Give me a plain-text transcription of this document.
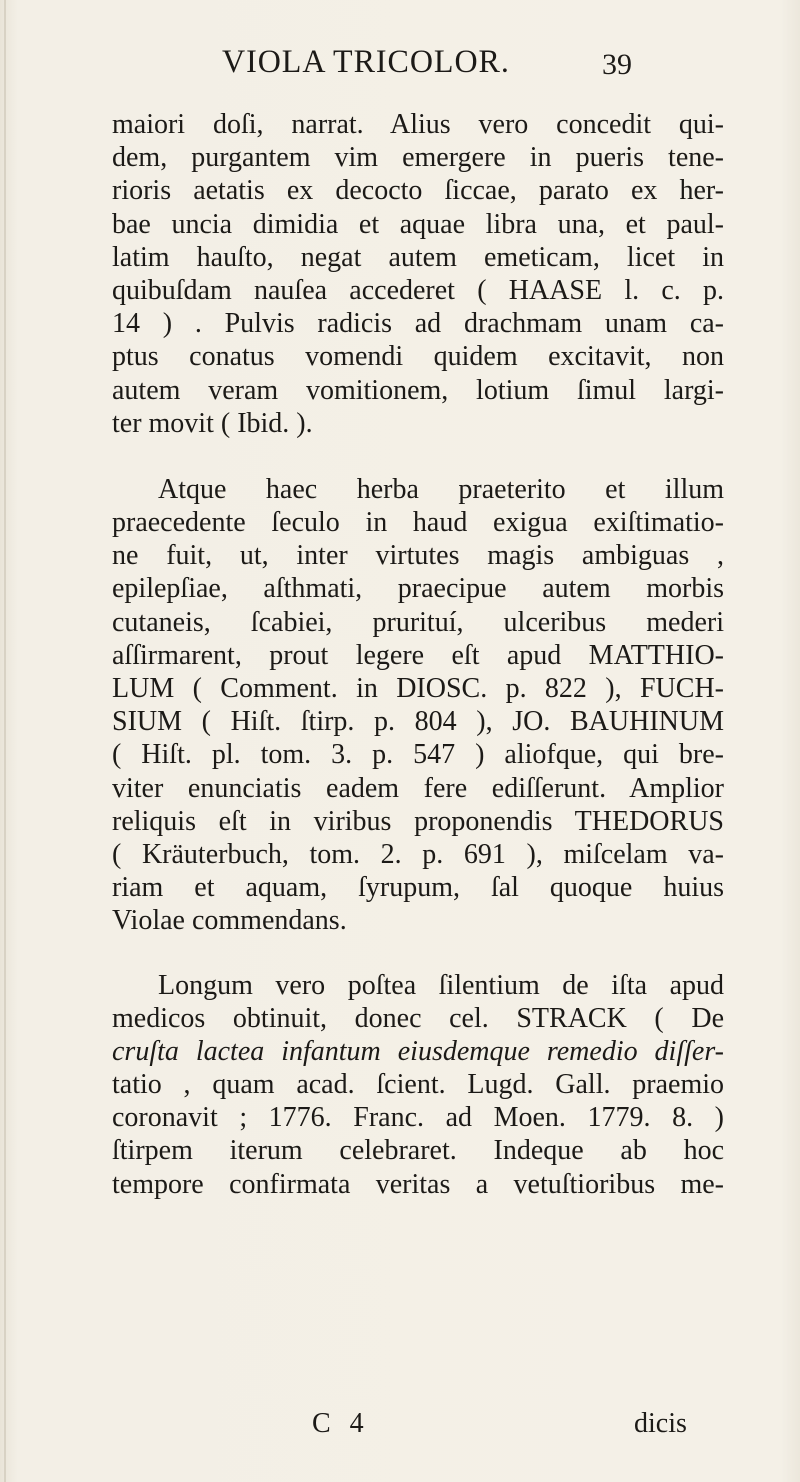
VIOLA TRICOLOR.	39
maiori doſi, narrat. Alius vero concedit qui-
dem, purgantem vim emergere in pueris tene-
rioris aetatis ex decocto ſiccae, parato ex her-
bae uncia dimidia et aquae libra una, et paul-
latim hauſto, negat autem emeticam, licet in
quibuſdam nauſea accederet ( HAASE l. c. p.
14 ) . Pulvis radicis ad drachmam unam ca-
ptus conatus vomendi quidem excitavit, non
autem veram vomitionem, lotium ſimul largi-
ter movit ( Ibid. ).
Atque haec herba praeterito et illum
praecedente ſeculo in haud exigua exiſtimatio-
ne fuit, ut, inter virtutes magis ambiguas ,
epilepſiae, aſthmati, praecipue autem morbis
cutaneis, ſcabiei, prurituí, ulceribus mederi
aſſirmarent, prout legere eſt apud MATTHIO-
LUM ( Comment. in DIOSC. p. 822 ), FUCH-
SIUM ( Hiſt. ſtirp. p. 804 ), JO. BAUHINUM
( Hiſt. pl. tom. 3. p. 547 ) aliofque, qui bre-
viter enunciatis eadem fere ediſſerunt. Amplior
reliquis eſt in viribus proponendis THEDORUS
( Kräuterbuch, tom. 2. p. 691 ), miſcelam va-
riam et aquam, ſyrupum, ſal quoque huius
Violae commendans.
Longum vero poſtea ſilentium de iſta apud
medicos obtinuit, donec cel. STRACK ( De
cruſta lactea infantum eiusdemque remedio diſſer-
tatio , quam acad. ſcient. Lugd. Gall. praemio
coronavit ; 1776. Franc. ad Moen. 1779. 8. )
ſtirpem iterum celebraret. Indeque ab hoc
tempore confirmata veritas a vetuſtioribus me-
C 4	dicis
